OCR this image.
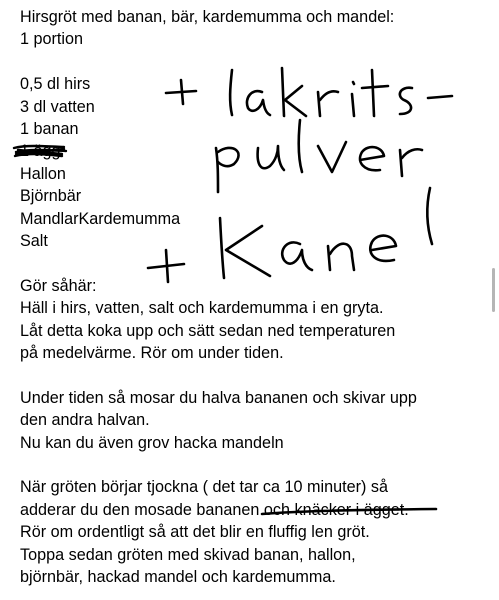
Hirsgröt med banan, bär, kardemumma och mandel:
1 portion
0,5 dl hirs
3 dl vatten
1 banan
1 ägg
Hallon
Björnbär
MandlarKardemumma
Salt
Gör såhär:
Häll i hirs, vatten, salt och kardemumma i en gryta.
Låt detta koka upp och sätt sedan ned temperaturen
på medelvärme. Rör om under tiden.
Under tiden så mosar du halva bananen och skivar upp
den andra halvan.
Nu kan du även grov hacka mandeln
När gröten börjar tjockna ( det tar ca 10 minuter) så
adderar du den mosade bananen och knäcker i ägget.
Rör om ordentligt så att det blir en fluffig len gröt.
Toppa sedan gröten med skivad banan, hallon,
björnbär, hackad mandel och kardemumma.
